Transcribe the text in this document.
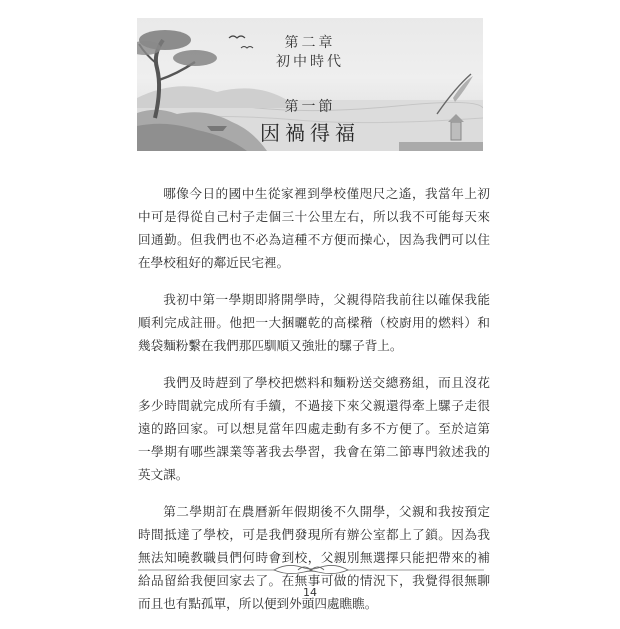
第二章
初中時代
第一節
因禍得福

哪像今日的國中生從家裡到學校僅咫尺之遙，我當年上初中可是得從自己村子走個三十公里左右，所以我不可能每天來回通勤。但我們也不必為這種不方便而操心，因為我們可以住在學校租好的鄰近民宅裡。

我初中第一學期即將開學時，父親得陪我前往以確保我能順利完成註冊。他把一大捆曬乾的高樑稭（校廚用的燃料）和幾袋麵粉繫在我們那匹馴順又強壯的騾子背上。

我們及時趕到了學校把燃料和麵粉送交總務組，而且沒花多少時間就完成所有手續，不過接下來父親還得牽上騾子走很遠的路回家。可以想見當年四處走動有多不方便了。至於這第一學期有哪些課業等著我去學習，我會在第二節專門敘述我的英文課。

第二學期訂在農曆新年假期後不久開學，父親和我按預定時間抵達了學校，可是我們發現所有辦公室都上了鎖。因為我無法知曉教職員們何時會到校，父親別無選擇只能把帶來的補給品留給我便回家去了。在無事可做的情況下，我覺得很無聊而且也有點孤單，所以便到外頭四處瞧瞧。

14
